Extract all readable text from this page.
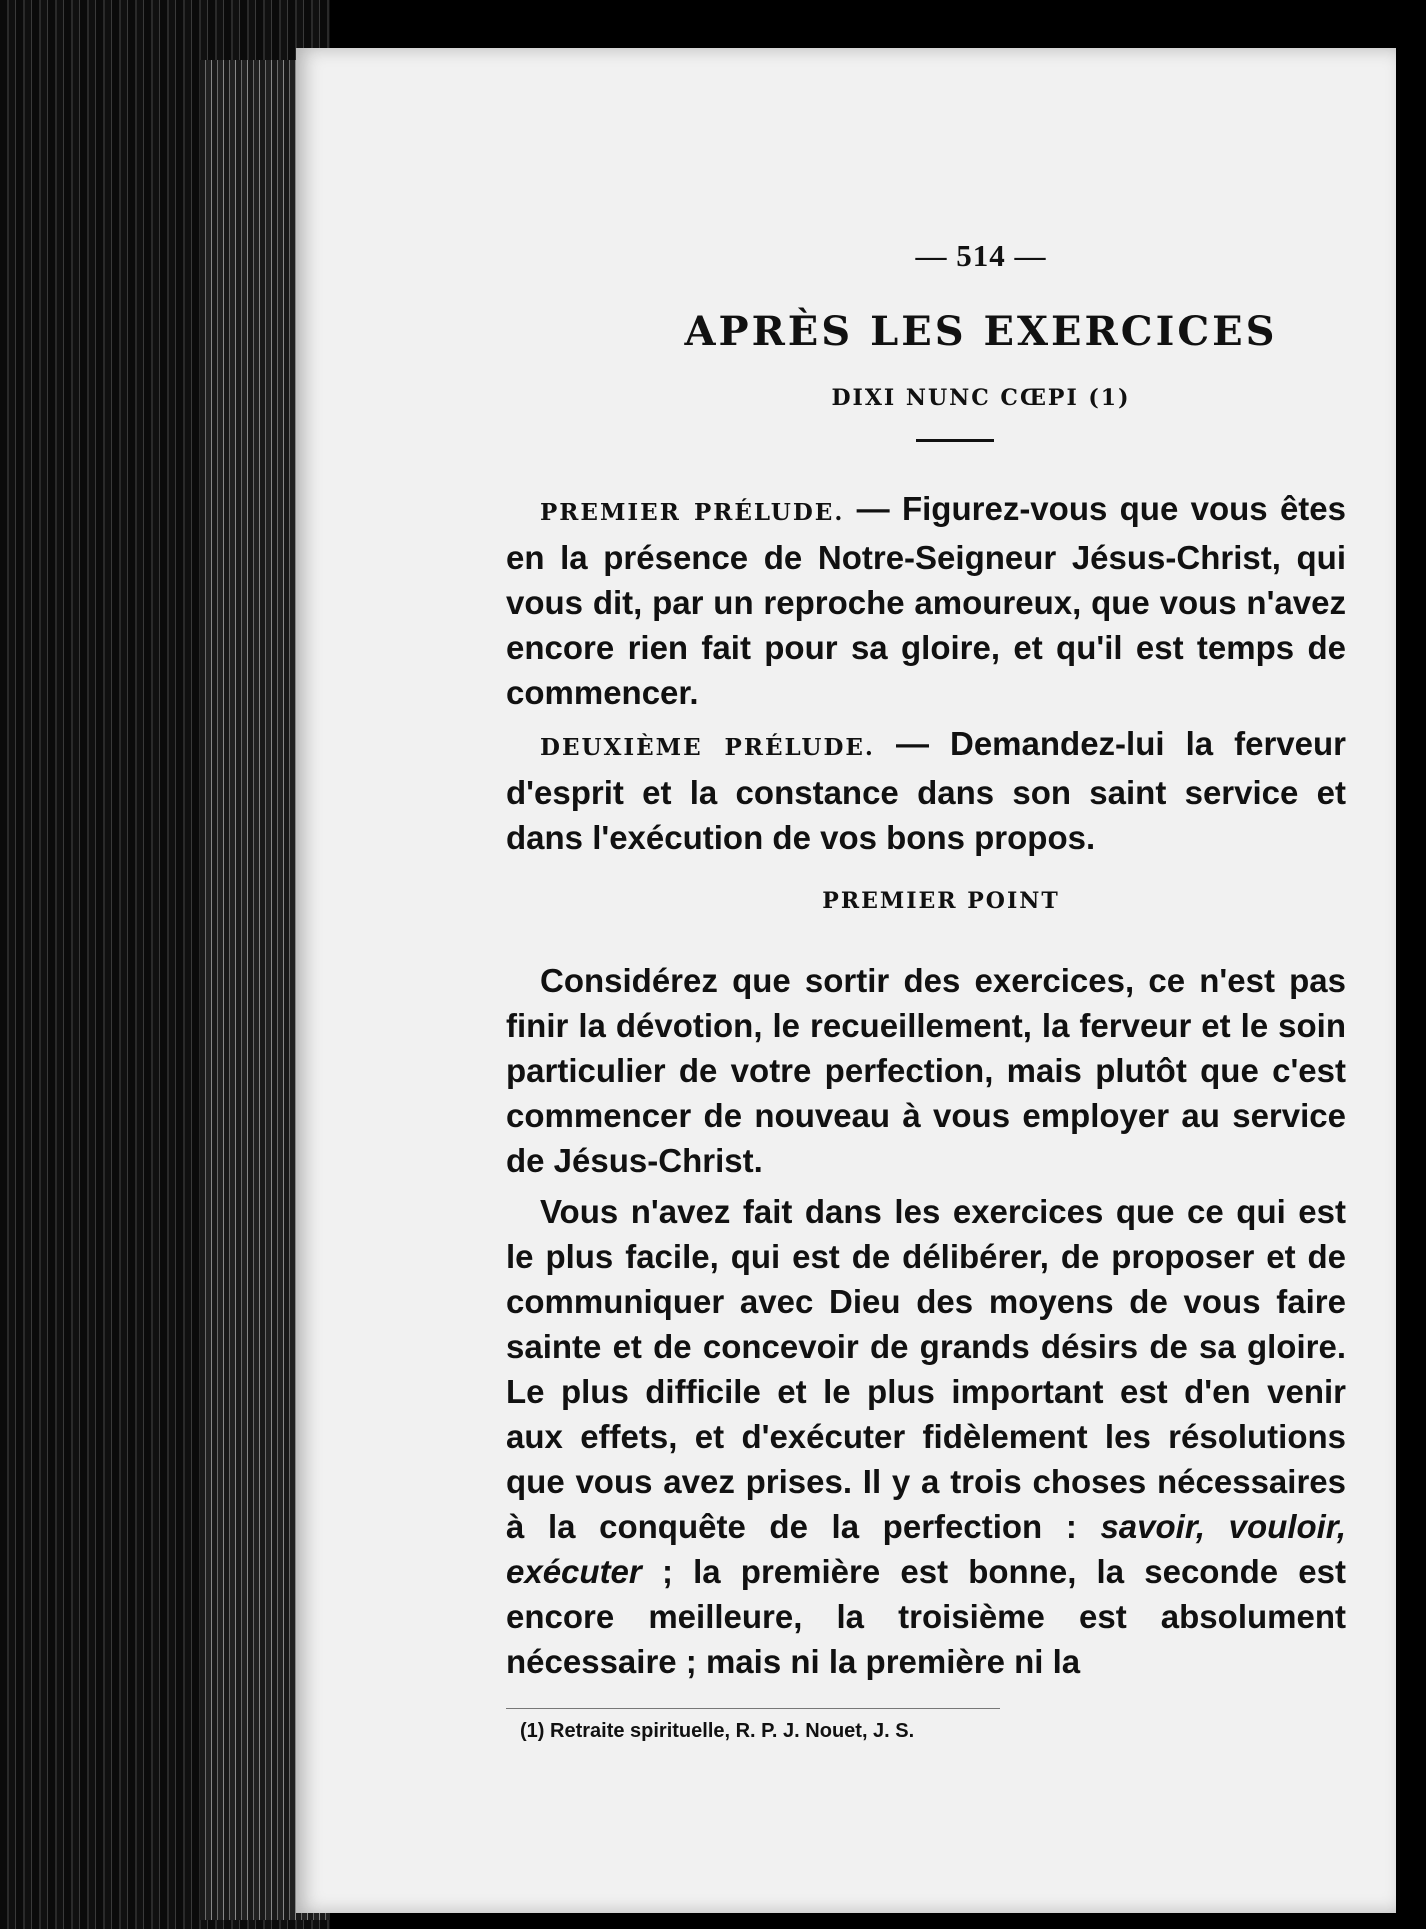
— 514 —
APRÈS LES EXERCICES
DIXI NUNC CŒPI (1)

PREMIER PRÉLUDE. — Figurez-vous que vous êtes en la présence de Notre-Seigneur Jésus-Christ, qui vous dit, par un reproche amoureux, que vous n'avez encore rien fait pour sa gloire, et qu'il est temps de commencer.

DEUXIÈME PRÉLUDE. — Demandez-lui la ferveur d'esprit et la constance dans son saint service et dans l'exécution de vos bons propos.

PREMIER POINT

Considérez que sortir des exercices, ce n'est pas finir la dévotion, le recueillement, la ferveur et le soin particulier de votre perfection, mais plutôt que c'est commencer de nouveau à vous employer au service de Jésus-Christ.

Vous n'avez fait dans les exercices que ce qui est le plus facile, qui est de délibérer, de proposer et de communiquer avec Dieu des moyens de vous faire sainte et de concevoir de grands désirs de sa gloire. Le plus difficile et le plus important est d'en venir aux effets, et d'exécuter fidèlement les résolutions que vous avez prises. Il y a trois choses nécessaires à la conquête de la perfection : savoir, vouloir, exécuter ; la première est bonne, la seconde est encore meilleure, la troisième est absolument nécessaire ; mais ni la première ni la

(1) Retraite spirituelle, R. P. J. Nouet, J. S.
